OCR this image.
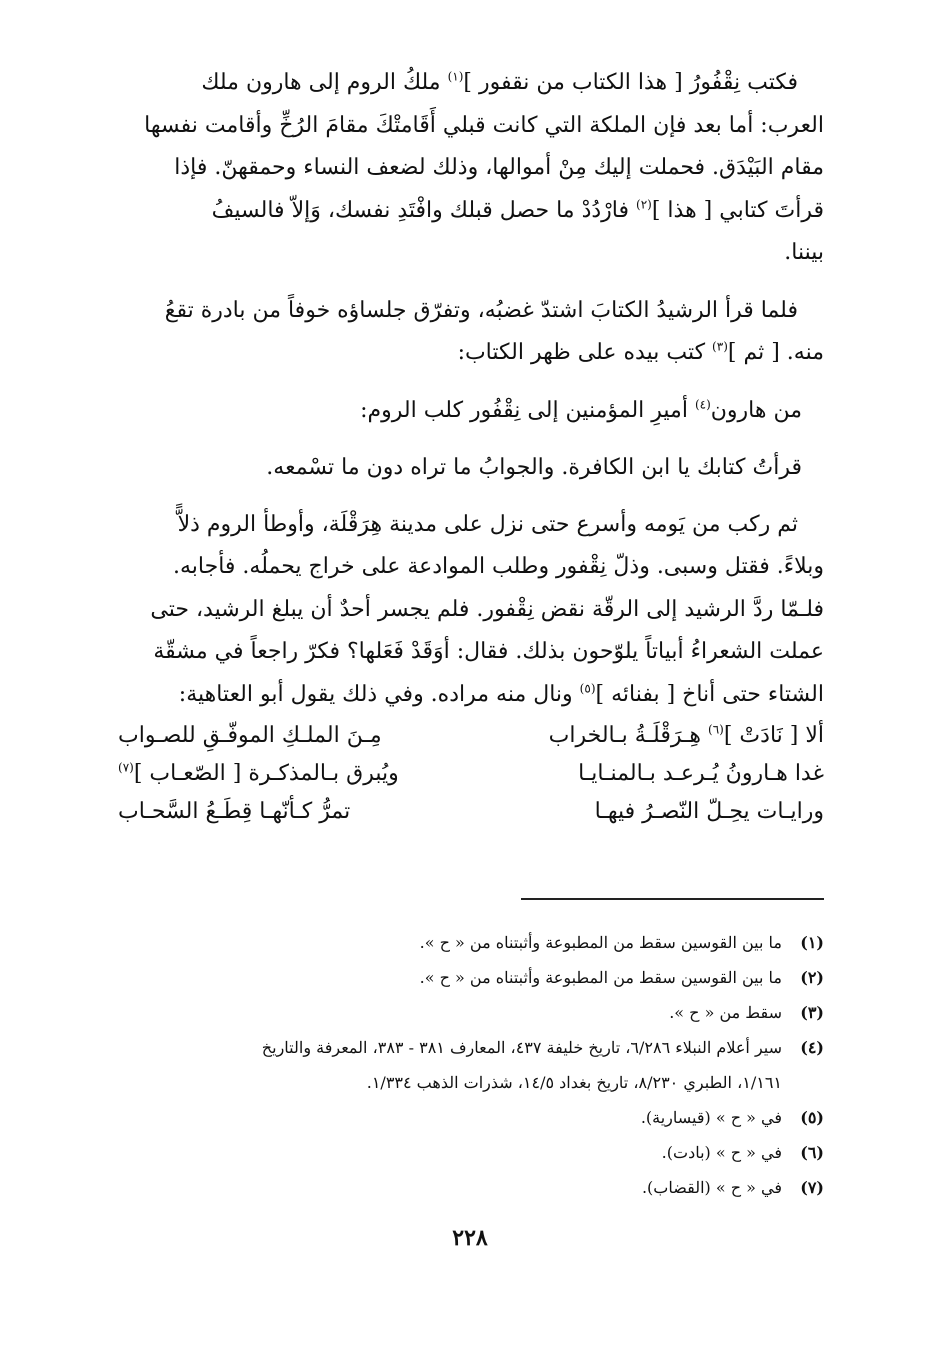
فكتب نِقْفُورُ [ هذا الكتاب من نقفور ]$^{(١)}$ ملكُ الروم إلى هارون ملك
العرب: أما بعد فإن الملكة التي كانت قبلي أَقَامتْكَ مقامَ الرُخِّ وأقامت نفسها
مقام البَيْدَق. فحملت إليك مِنْ أموالها، وذلك لضعف النساء وحمقهنّ. فإذا
قرأتَ كتابي [ هذا ]$^{(٢)}$ فارْدُدْ ما حصل قبلك وافْتَدِ نفسك، وَإلاّ فالسيفُ
بيننا.

فلما قرأ الرشيدُ الكتابَ اشتدّ غضبُه، وتفرّق جلساؤه خوفاً من بادرة تقعُ
منه. [ ثم ]$^{(٣)}$ كتب بيده على ظهر الكتاب:

من هارون$^{(٤)}$ أميرِ المؤمنين إلى نِقْفُور كلب الروم:

قرأتُ كتابك يا ابن الكافرة. والجوابُ ما تراه دون ما تسْمعه.

ثم ركب من يَومه وأسرع حتى نزل على مدينة هِرَقْلَة، وأوطأ الروم ذلاًّ
وبلاءً. فقتل وسبى. وذلّ نِقْفور وطلب الموادعة على خراج يحملُه. فأجابه.
فلـمّا ردَّ الرشيد إلى الرقّة نقض نِقْفور. فلم يجسر أحدٌ أن يبلغ الرشيد، حتى
عملت الشعراءُ أبياتاً يلوّحون بذلك. فقال: أوَقَدْ فَعَلها؟ فكرّ راجعاً في مشقّة
الشتاء حتى أناخ [ بفنائه ]$^{(٥)}$ ونال منه مراده. وفي ذلك يقول أبو العتاهية:

ألا [ نَادَتْ ]$^{(٦)}$ هِـرَقْلَـةُ بـالخراب
مِـنَ الملـكِ الموفّـقِ للصـواب
غدا هـارونُ يُـرعـد بـالمنـايـا
ويُبرق بـالمذكـرة [ الصّعـاب ]$^{(٧)}$
ورايـات يحِـلّ النّصـرُ فيهـا
تمرُّ كـأنّهـا قِطَـعُ السَّحـاب
(١)
ما بين القوسين سقط من المطبوعة وأثبتناه من « ح ».
(٢)
ما بين القوسين سقط من المطبوعة وأثبتناه من « ح ».
(٣)
سقط من « ح ».
(٤)
سير أعلام النبلاء ٦/٢٨٦، تاريخ خليفة ٤٣٧، المعارف ٣٨١ - ٣٨٣، المعرفة والتاريخ
١/١٦١، الطبري ٨/٢٣٠، تاريخ بغداد ١٤/٥، شذرات الذهب ١/٣٣٤.
(٥)
في « ح » (قيسارية).
(٦)
في « ح » (بادت).
(٧)
في « ح » (القضاب).
٢٢٨
